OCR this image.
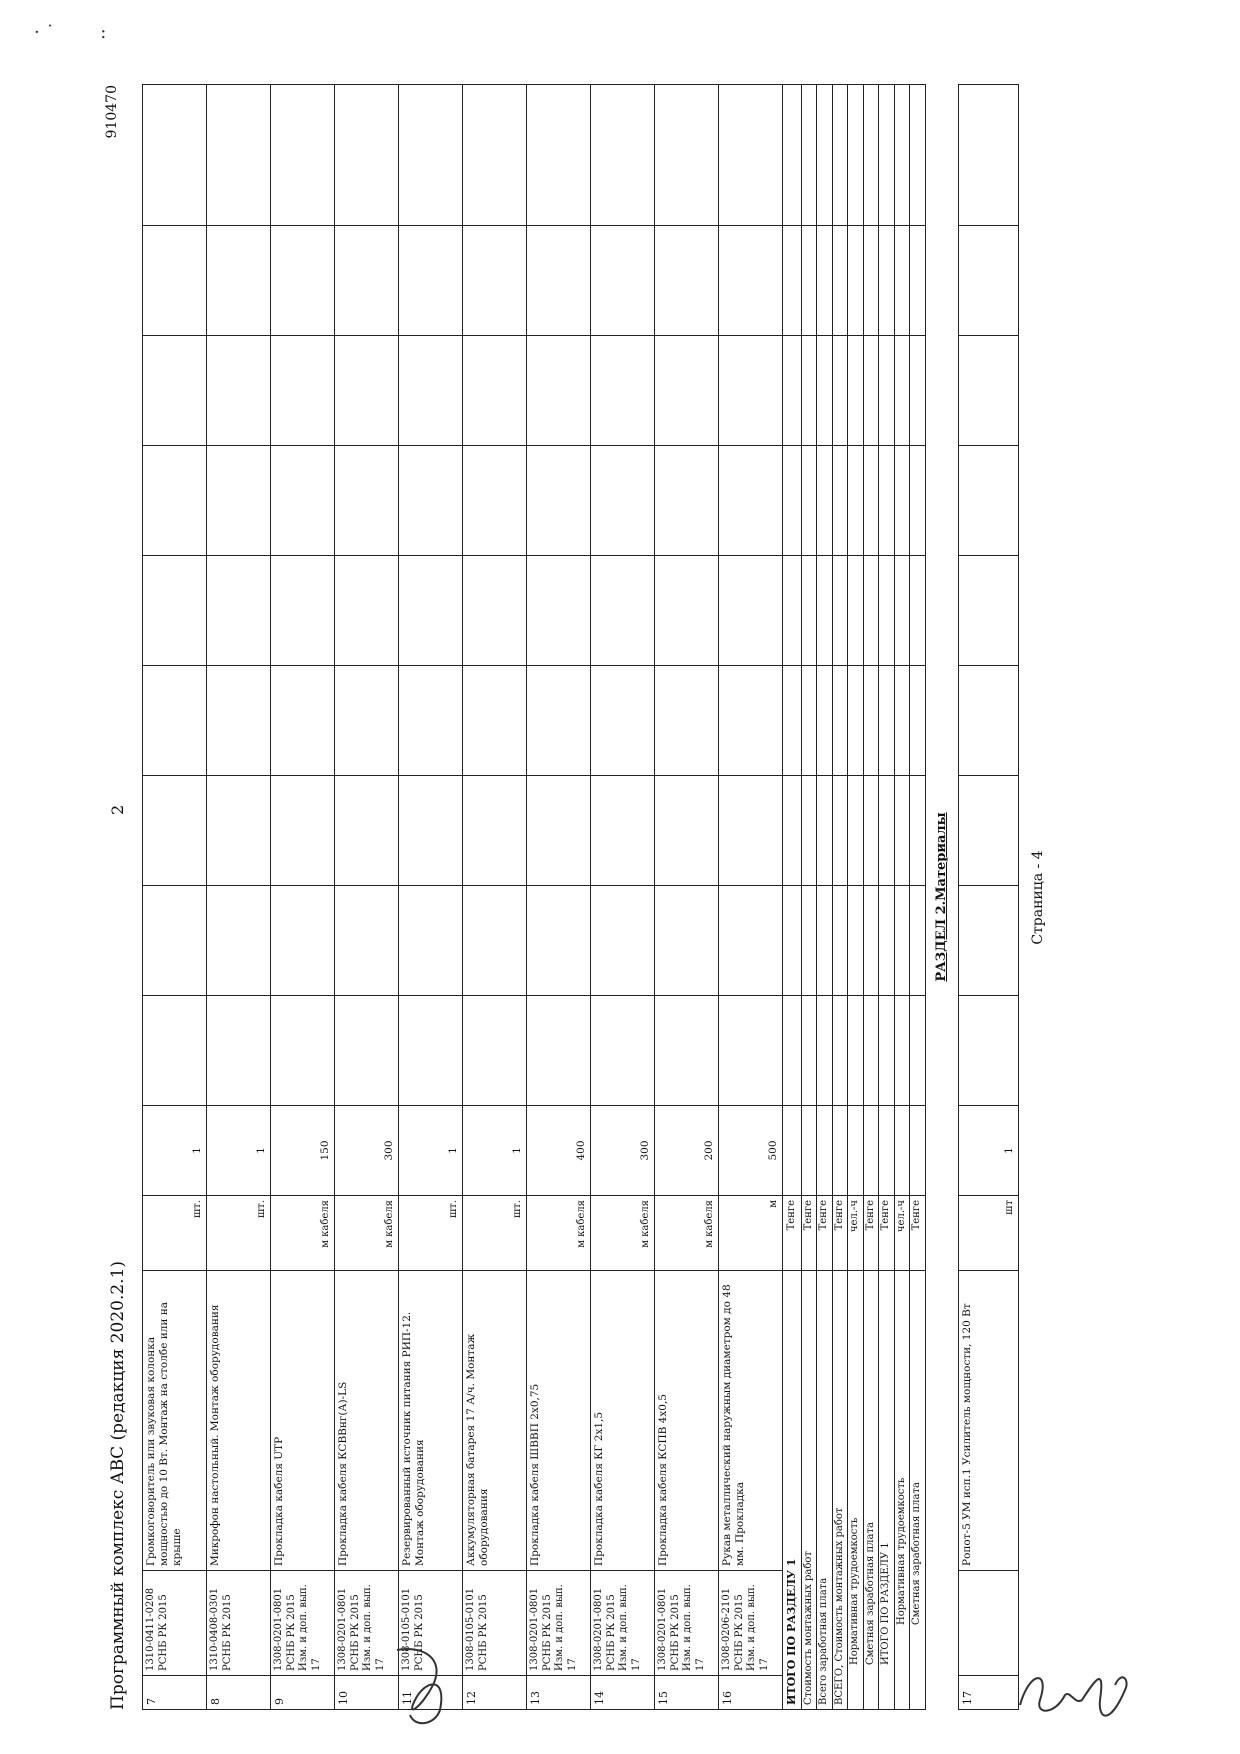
Программный комплекс АВС (редакция 2020.2.1)
2
910470
7	1310-0411-0208 РСНБ РК 2015	Громкоговоритель или звуковая колонка мощностью до 10 Вт. Монтаж на столбе или на крыше	шт.	1									
8	1310-0408-0301 РСНБ РК 2015	Микрофон настольный. Монтаж оборудования	шт.	1									
9	1308-0201-0801 РСНБ РК 2015 Изм. и доп. вып. 17	Прокладка кабеля UTP	м кабеля	150									
10	1308-0201-0801 РСНБ РК 2015 Изм. и доп. вып. 17	Прокладка кабеля КСВВнг(А)-LS	м кабеля	300									
11	1308-0105-0101 РСНБ РК 2015	Резервированный источник питания РИП-12. Монтаж оборудования	шт.	1									
12	1308-0105-0101 РСНБ РК 2015	Аккумуляторная батарея 17 А/ч. Монтаж оборудования	шт.	1									
13	1308-0201-0801 РСНБ РК 2015 Изм. и доп. вып. 17	Прокладка кабеля ШВВП 2х0,75	м кабеля	400									
14	1308-0201-0801 РСНБ РК 2015 Изм. и доп. вып. 17	Прокладка кабеля КГ 2х1,5	м кабеля	300									
15	1308-0201-0801 РСНБ РК 2015 Изм. и доп. вып. 17	Прокладка кабеля КСПВ 4х0,5	м кабеля	200									
16	1308-0206-2101 РСНБ РК 2015 Изм. и доп. вып. 17	Рукав металлический наружным диаметром до 48 мм. Прокладка	м	500									
ИТОГО ПО РАЗДЕЛУ 1			Тенге										
Стоимость монтажных работ			Тенге										
Всего заработная плата			Тенге										
ВСЕГО, Стоимость монтажных работ			Тенге										
Нормативная трудоемкость			чел.-ч										
Сметная заработная плата			Тенге										
ИТОГО ПО РАЗДЕЛУ 1			Тенге										
Нормативная трудоемкость			чел.-ч										
Сметная заработная плата			Тенге										
РАЗДЕЛ 2.Материалы													
17		Ропот-5 УМ исп.1 Усилитель мощности, 120 Вт	шт	1									
Страница - 4
· ˙        :
